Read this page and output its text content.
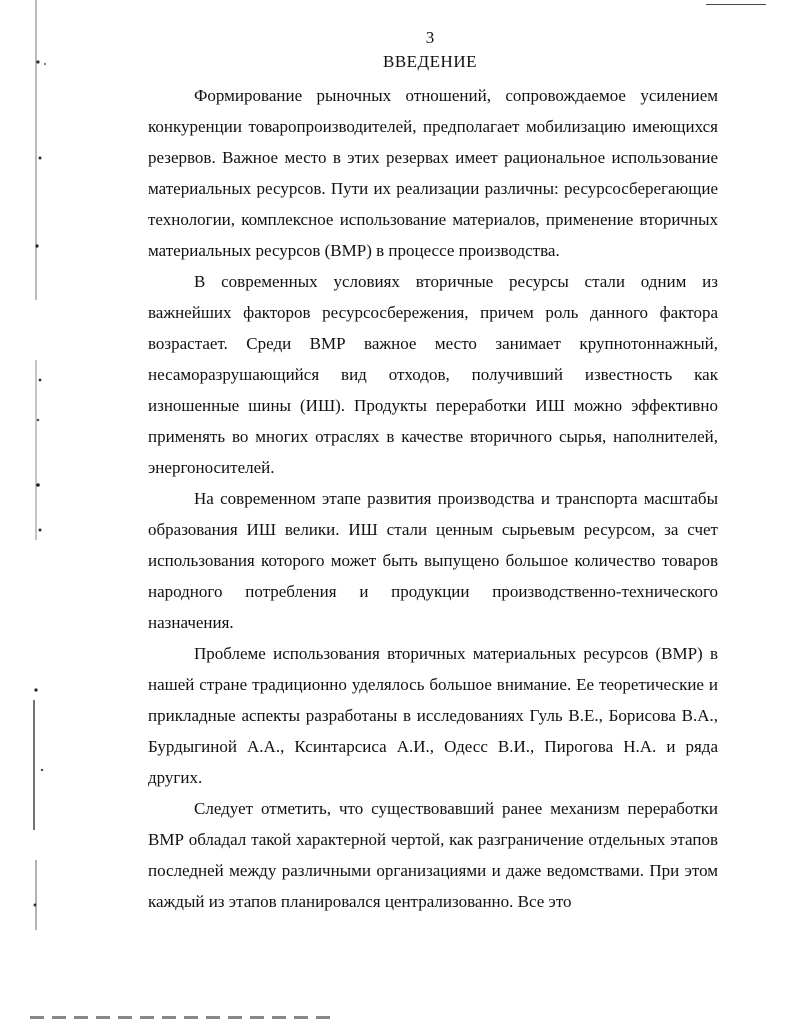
3
ВВЕДЕНИЕ

Формирование рыночных отношений, сопровождаемое усилением конкуренции товаропроизводителей, предполагает мобилизацию имеющихся резервов. Важное место в этих резервах имеет рациональное использование материальных ресурсов. Пути их реализации различны: ресурсосберегающие технологии, комплексное использование материалов, применение вторичных материальных ресурсов (ВМР) в процессе производства.

В современных условиях вторичные ресурсы стали одним из важнейших факторов ресурсосбережения, причем роль данного фактора возрастает. Среди ВМР важное место занимает крупнотоннажный, несаморазрушающийся вид отходов, получивший известность как изношенные шины (ИШ). Продукты переработки ИШ можно эффективно применять во многих отраслях в качестве вторичного сырья, наполнителей, энергоносителей.

На современном этапе развития производства и транспорта масштабы образования ИШ велики. ИШ стали ценным сырьевым ресурсом, за счет использования которого может быть выпущено большое количество товаров народного потребления и продукции производственно-технического назначения.

Проблеме использования вторичных материальных ресурсов (ВМР) в нашей стране традиционно уделялось большое внимание. Ее теоретические и прикладные аспекты разработаны в исследованиях Гуль В.Е., Борисова В.А., Бурдыгиной А.А., Ксинтарсиса А.И., Одесс В.И., Пирогова Н.А. и ряда других.

Следует отметить, что существовавший ранее механизм переработки ВМР обладал такой характерной чертой, как разграничение отдельных этапов последней между различными организациями и даже ведомствами. При этом каждый из этапов планировался централизованно. Все это
